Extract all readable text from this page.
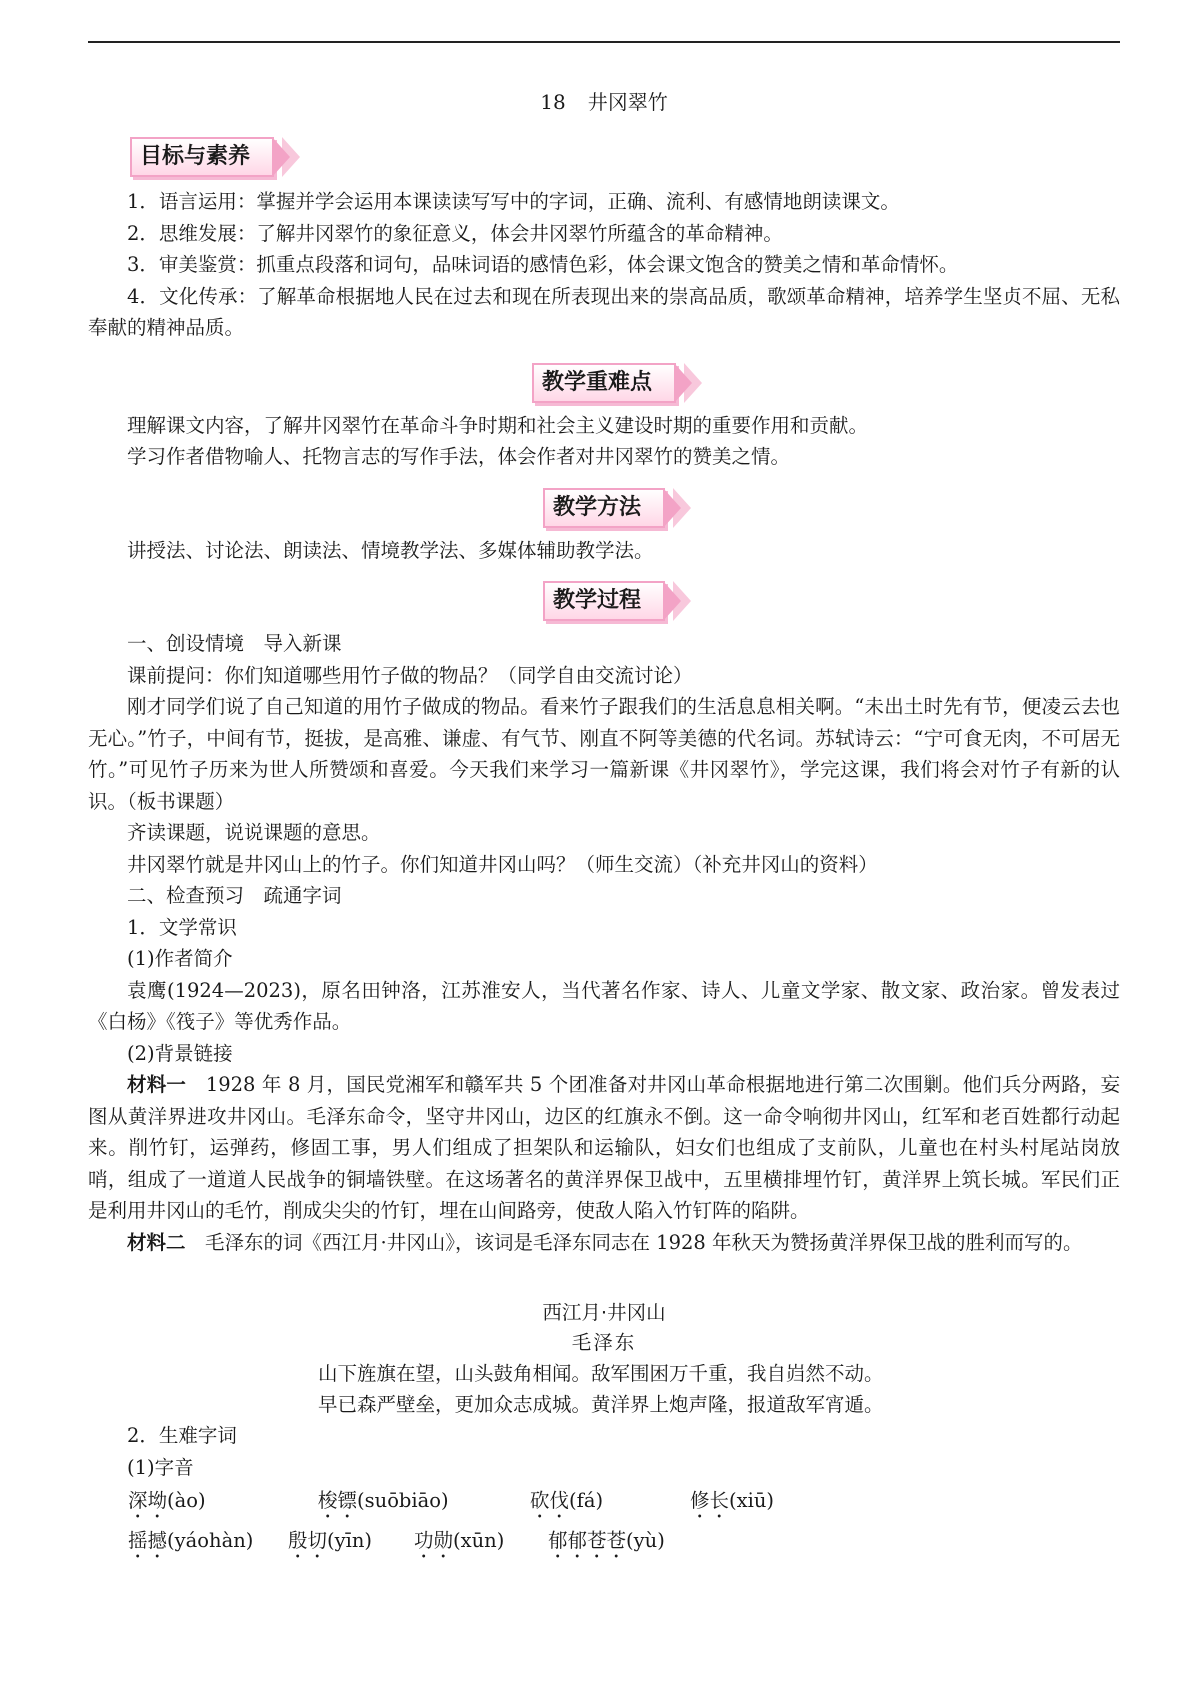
18 井冈翠竹
目标与素养

1．语言运用：掌握并学会运用本课读读写写中的字词，正确、流利、有感情地朗读课文。

2．思维发展：了解井冈翠竹的象征意义，体会井冈翠竹所蕴含的革命精神。

3．审美鉴赏：抓重点段落和词句，品味词语的感情色彩，体会课文饱含的赞美之情和革命情怀。

4．文化传承：了解革命根据地人民在过去和现在所表现出来的崇高品质，歌颂革命精神，培养学生坚贞不屈、无私奉献的精神品质。

教学重难点

理解课文内容，了解井冈翠竹在革命斗争时期和社会主义建设时期的重要作用和贡献。

学习作者借物喻人、托物言志的写作手法，体会作者对井冈翠竹的赞美之情。

教学方法

讲授法、讨论法、朗读法、情境教学法、多媒体辅助教学法。

教学过程

一、创设情境　导入新课

课前提问：你们知道哪些用竹子做的物品？（同学自由交流讨论）

刚才同学们说了自己知道的用竹子做成的物品。看来竹子跟我们的生活息息相关啊。“未出土时先有节，便凌云去也无心。”竹子，中间有节，挺拔，是高雅、谦虚、有气节、刚直不阿等美德的代名词。苏轼诗云：“宁可食无肉，不可居无竹。”可见竹子历来为世人所赞颂和喜爱。今天我们来学习一篇新课《井冈翠竹》，学完这课，我们将会对竹子有新的认识。（板书课题）

齐读课题，说说课题的意思。

井冈翠竹就是井冈山上的竹子。你们知道井冈山吗？（师生交流）（补充井冈山的资料）

二、检查预习　疏通字词

1．文学常识

(1)作者简介

袁鹰(1924—2023)，原名田钟洛，江苏淮安人，当代著名作家、诗人、儿童文学家、散文家、政治家。曾发表过《白杨》《筏子》等优秀作品。

(2)背景链接

材料一　1928 年 8 月，国民党湘军和赣军共 5 个团准备对井冈山革命根据地进行第二次围剿。他们兵分两路，妄图从黄洋界进攻井冈山。毛泽东命令，坚守井冈山，边区的红旗永不倒。这一命令响彻井冈山，红军和老百姓都行动起来。削竹钉，运弹药，修固工事，男人们组成了担架队和运输队，妇女们也组成了支前队，儿童也在村头村尾站岗放哨，组成了一道道人民战争的铜墙铁壁。在这场著名的黄洋界保卫战中，五里横排埋竹钉，黄洋界上筑长城。军民们正是利用井冈山的毛竹，削成尖尖的竹钉，埋在山间路旁，使敌人陷入竹钉阵的陷阱。

材料二　毛泽东的词《西江月·井冈山》，该词是毛泽东同志在 1928 年秋天为赞扬黄洋界保卫战的胜利而写的。

西江月·井冈山
毛泽东
山下旌旗在望，山头鼓角相闻。敌军围困万千重，我自岿然不动。
早已森严壁垒，更加众志成城。黄洋界上炮声隆，报道敌军宵遁。

2．生难字词

(1)字音

深坳(ào)	梭镖(suōbiāo)	砍伐(fá)	修长(xiū)
摇撼(yáohàn)	殷切(yīn)	功勋(xūn)	郁郁苍苍(yù)
